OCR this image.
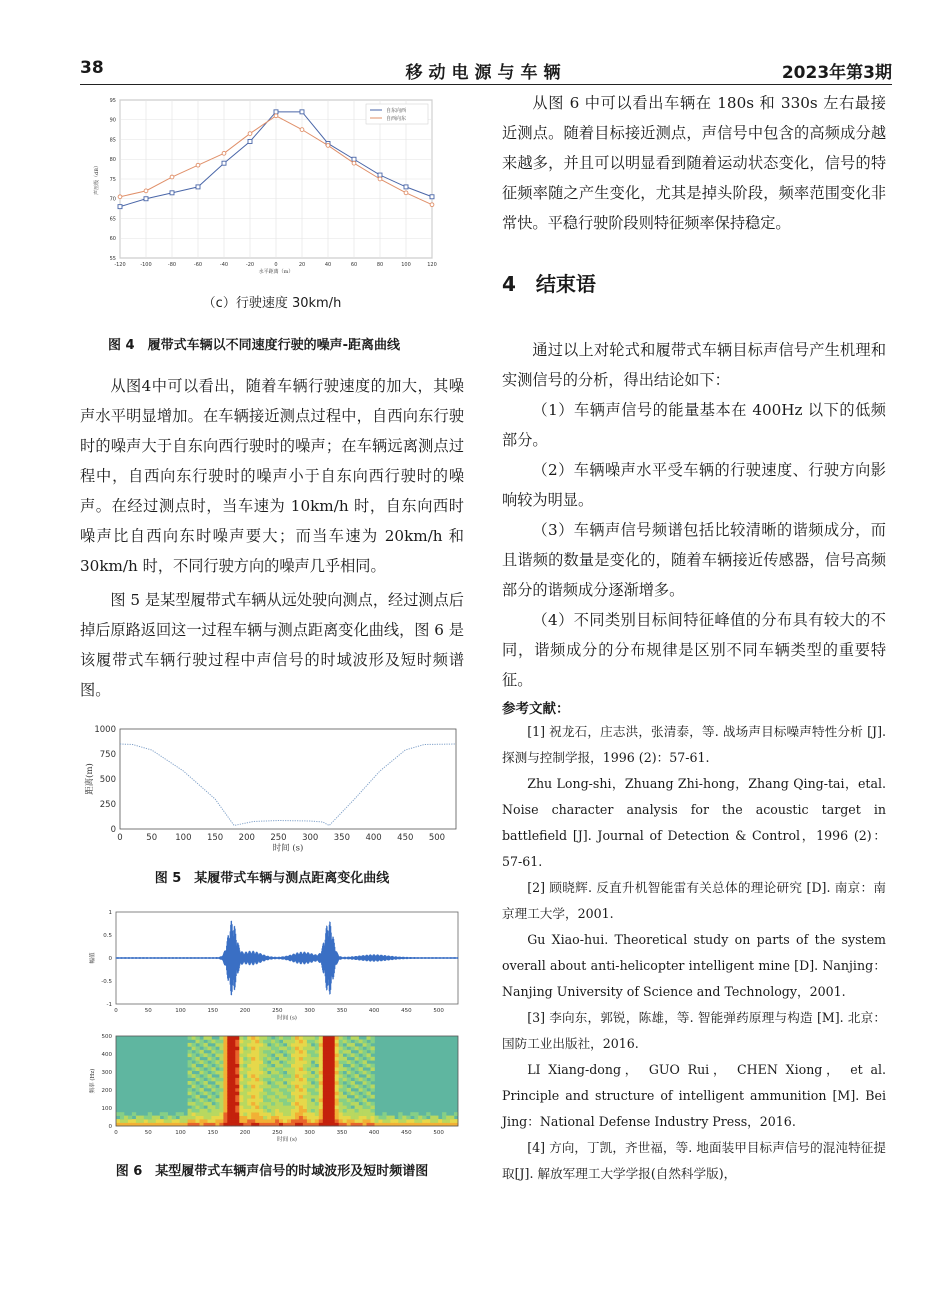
38	移动电源与车辆	2023年第3期
-120	-100	-80	-60	-40	-20	0	20	40	60	80	100	120
55
60
65
70
75
80
85
90
95
水平距离（m）
声压级（dB）
自东向西
自西向东
（c）行驶速度 30km/h
图 4　履带式车辆以不同速度行驶的噪声-距离曲线

从图4中可以看出，随着车辆行驶速度的加大，其噪声水平明显增加。在车辆接近测点过程中，自西向东行驶时的噪声大于自东向西行驶时的噪声；在车辆远离测点过程中，自西向东行驶时的噪声小于自东向西行驶时的噪声。在经过测点时，当车速为 10km/h 时，自东向西时噪声比自西向东时噪声要大；而当车速为 20km/h 和 30km/h 时，不同行驶方向的噪声几乎相同。

图 5 是某型履带式车辆从远处驶向测点，经过测点后掉后原路返回这一过程车辆与测点距离变化曲线，图 6 是该履带式车辆行驶过程中声信号的时域波形及短时频谱图。

0	50 100 150 200 250 300 350 400 450 500
0
250
500
750
1000
时间 (s)
距离(m)
图 5　某履带式车辆与测点距离变化曲线
0	50	100	150	200	250	300	350	400	450	500
-1
-0.5
0
0.5
1
时间 (s)
幅值
0	50	100	150	200	250	300	350	400	450	500
0
100
200
300
400
500
时间 (s)
频率 (Hz)
图 6　某型履带式车辆声信号的时域波形及短时频谱图

从图 6 中可以看出车辆在 180s 和 330s 左右最接近测点。随着目标接近测点，声信号中包含的高频成分越来越多，并且可以明显看到随着运动状态变化，信号的特征频率随之产生变化，尤其是掉头阶段，频率范围变化非常快。平稳行驶阶段则特征频率保持稳定。

4　结束语

通过以上对轮式和履带式车辆目标声信号产生机理和实测信号的分析，得出结论如下：

（1）车辆声信号的能量基本在 400Hz 以下的低频部分。

（2）车辆噪声水平受车辆的行驶速度、行驶方向影响较为明显。

（3）车辆声信号频谱包括比较清晰的谐频成分，而且谐频的数量是变化的，随着车辆接近传感器，信号高频部分的谐频成分逐渐增多。

（4）不同类别目标间特征峰值的分布具有较大的不同，谐频成分的分布规律是区别不同车辆类型的重要特征。

参考文献：

[1] 祝龙石，庄志洪，张清泰，等. 战场声目标噪声特性分析 [J]. 探测与控制学报，1996 (2)：57-61.

Zhu Long-shi，Zhuang Zhi-hong，Zhang Qing-tai，etal. Noise character analysis for the acoustic target in battlefield [J]. Journal of Detection & Control，1996 (2)：57-61.

[2] 顾晓辉. 反直升机智能雷有关总体的理论研究 [D]. 南京：南京理工大学，2001.

Gu Xiao-hui. Theoretical study on parts of the system overall about anti-helicopter intelligent mine [D]. Nanjing：Nanjing University of Science and Technology，2001.

[3] 李向东，郭锐，陈雄，等. 智能弹药原理与构造 [M]. 北京：国防工业出版社，2016.

LI Xiang-dong， GUO Rui， CHEN Xiong， et al. Principle and structure of intelligent ammunition [M]. Bei Jing：National Defense Industry Press，2016.

[4] 方向，丁凯，齐世福，等. 地面装甲目标声信号的混沌特征提取[J]. 解放军理工大学学报(自然科学版)，
